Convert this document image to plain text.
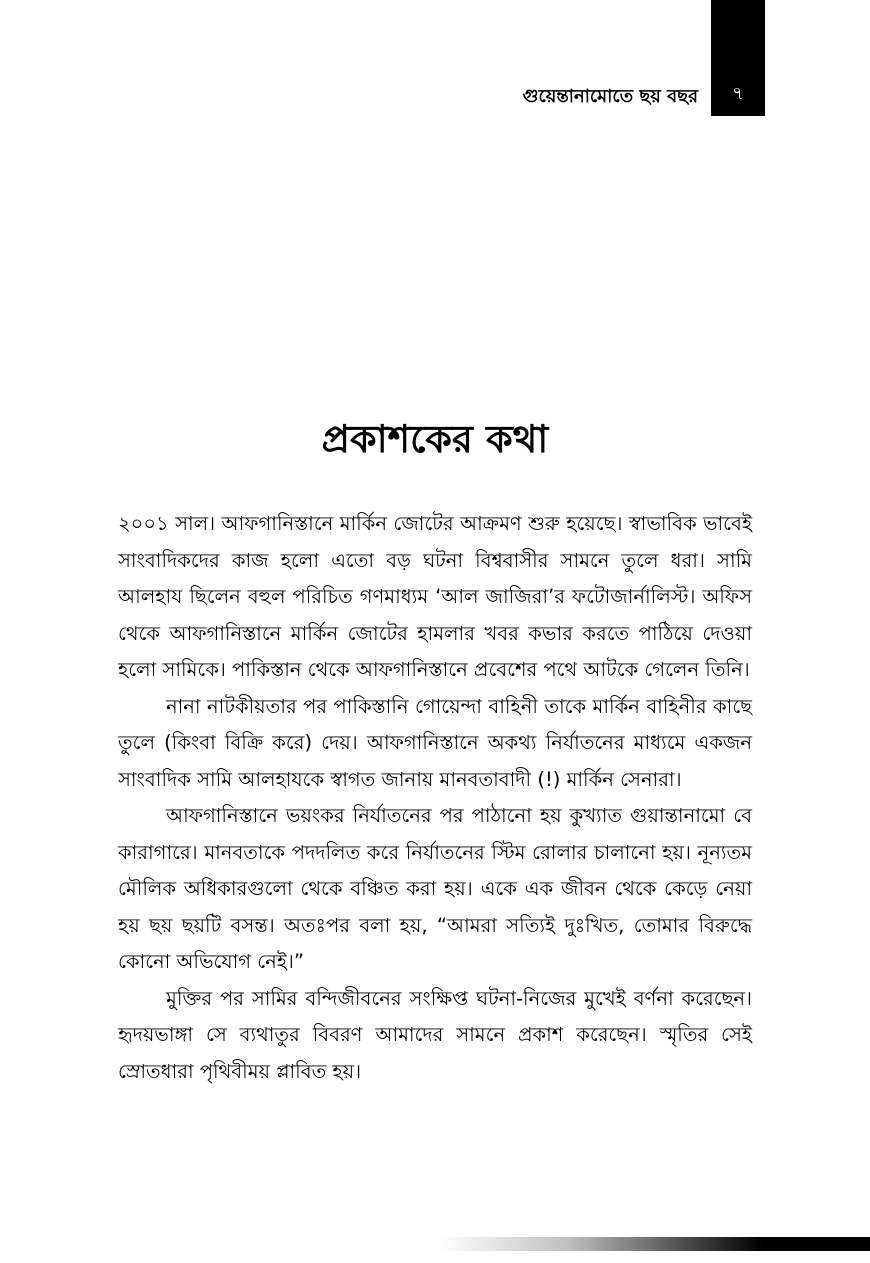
৭
গুয়েন্তানামোতে ছয় বছর
প্রকাশকের কথা

২০০১ সাল। আফগানিস্তানে মার্কিন জোটের আক্রমণ শুরু হয়েছে। স্বাভাবিক ভাবেই সাংবাদিকদের কাজ হলো এতো বড় ঘটনা বিশ্ববাসীর সামনে তুলে ধরা। সামি আলহায ছিলেন বহুল পরিচিত গণমাধ্যম ‘আল জাজিরা’র ফটোজার্নালিস্ট। অফিস থেকে আফগানিস্তানে মার্কিন জোটের হামলার খবর কভার করতে পাঠিয়ে দেওয়া হলো সামিকে। পাকিস্তান থেকে আফগানিস্তানে প্রবেশের পথে আটকে গেলেন তিনি।

নানা নাটকীয়তার পর পাকিস্তানি গোয়েন্দা বাহিনী তাকে মার্কিন বাহিনীর কাছে তুলে (কিংবা বিক্রি করে) দেয়। আফগানিস্তানে অকথ্য নির্যাতনের মাধ্যমে একজন সাংবাদিক সামি আলহাযকে স্বাগত জানায় মানবতাবাদী (!) মার্কিন সেনারা।

আফগানিস্তানে ভয়ংকর নির্যাতনের পর পাঠানো হয় কুখ্যাত গুয়ান্তানামো বে কারাগারে। মানবতাকে পদদলিত করে নির্যাতনের স্টিম রোলার চালানো হয়। নূন্যতম মৌলিক অধিকারগুলো থেকে বঞ্চিত করা হয়। একে এক জীবন থেকে কেড়ে নেয়া হয় ছয় ছয়টি বসন্ত। অতঃপর বলা হয়, “আমরা সত্যিই দুঃখিত, তোমার বিরুদ্ধে কোনো অভিযোগ নেই।”

মুক্তির পর সামির বন্দিজীবনের সংক্ষিপ্ত ঘটনা-নিজের মুখেই বর্ণনা করেছেন। হৃদয়ভাঙ্গা সে ব্যথাতুর বিবরণ আমাদের সামনে প্রকাশ করেছেন। স্মৃতির সেই স্রোতধারা পৃথিবীময় প্লাবিত হয়।
